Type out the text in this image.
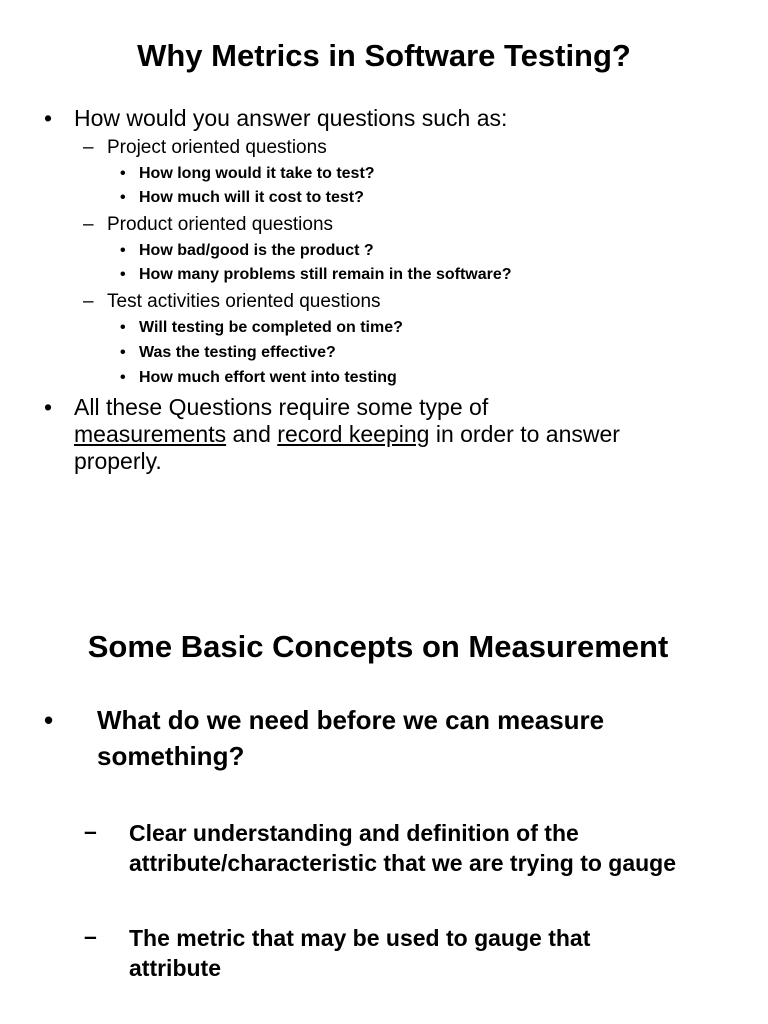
Why Metrics in Software Testing?
• How would you answer questions such as:
– Project oriented questions
• How long would it take to test?
• How much will it cost to test?
– Product oriented questions
• How bad/good is the product ?
• How many problems still remain in the software?
– Test activities oriented questions
• Will testing be completed on time?
• Was the testing effective?
• How much effort went into testing
• All these Questions require some type of
measurements and record keeping in order to answer
properly.
Some Basic Concepts on Measurement
• What do we need before we can measure
something?
– Clear understanding and definition of the
attribute/characteristic that we are trying to gauge
– The metric that may be used to gauge that
attribute
